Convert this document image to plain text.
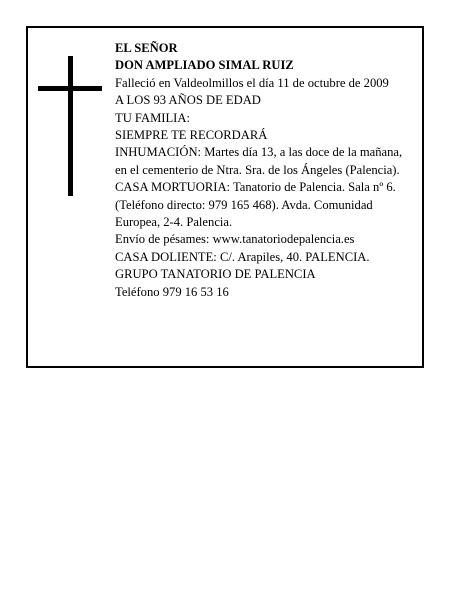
EL SEÑOR
DON AMPLIADO SIMAL RUIZ
Falleció en Valdeolmillos el día 11 de octubre de 2009
A LOS 93 AÑOS DE EDAD
TU FAMILIA:
SIEMPRE TE RECORDARÁ
INHUMACIÓN: Martes día 13, a las doce de la mañana, en el cementerio de Ntra. Sra. de los Ángeles (Palencia).
CASA MORTUORIA: Tanatorio de Palencia. Sala nº 6. (Teléfono directo: 979 165 468). Avda. Comunidad Europea, 2-4. Palencia.
Envío de pésames: www.tanatoriodepalencia.es
CASA DOLIENTE: C/. Arapiles, 40. PALENCIA.
GRUPO TANATORIO DE PALENCIA
Teléfono 979 16 53 16
